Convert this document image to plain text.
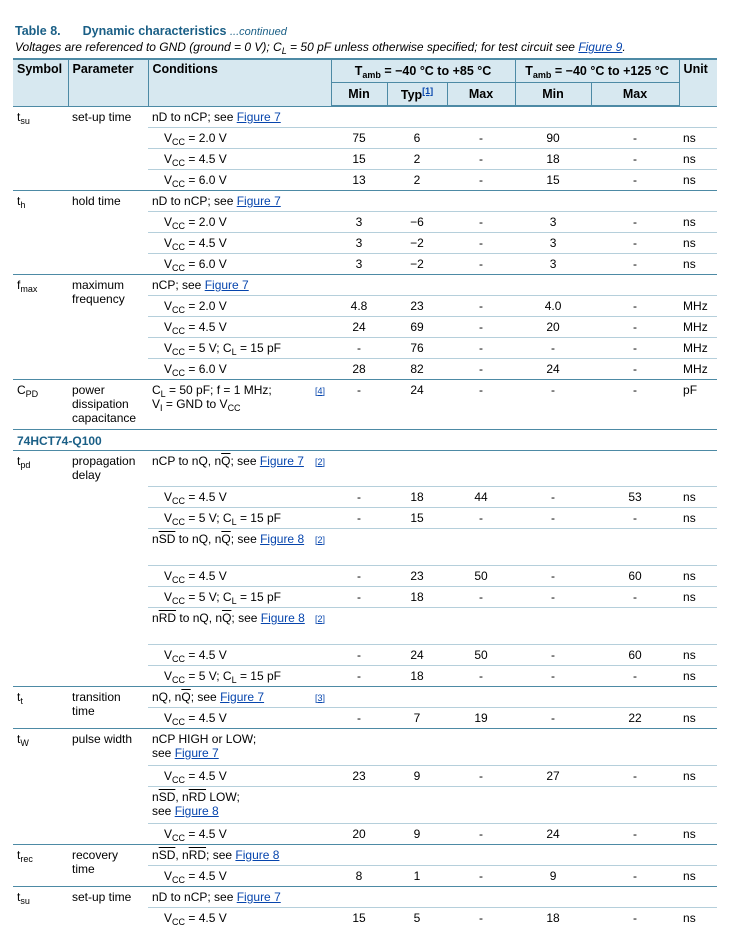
Table 8. Dynamic characteristics ...continued
Voltages are referenced to GND (ground = 0 V); $C_L = 50$ pF unless otherwise specified; for test circuit see Figure 9.
Symbol	Parameter	Conditions		$T_{amb} = -40$ °C to +85 °C			$T_{amb} = -40$ °C to +125 °C		Unit
				Min	Typ[1]	Max	Min	Max	
$t_{su}$	set-up time	nD to nCP; see Figure 7							
		$V_{CC} = 2.0$ V		75	6	-	90	-	ns
		$V_{CC} = 4.5$ V		15	2	-	18	-	ns
		$V_{CC} = 6.0$ V		13	2	-	15	-	ns
$t_h$	hold time	nD to nCP; see Figure 7							
		$V_{CC} = 2.0$ V		3	−6	-	3	-	ns
		$V_{CC} = 4.5$ V		3	−2	-	3	-	ns
		$V_{CC} = 6.0$ V		3	−2	-	3	-	ns
$f_{max}$	maximum frequency	nCP; see Figure 7							
		$V_{CC} = 2.0$ V		4.8	23	-	4.0	-	MHz
		$V_{CC} = 4.5$ V		24	69	-	20	-	MHz
		$V_{CC} = 5$ V; $C_L = 15$ pF		-	76	-	-	-	MHz
		$V_{CC} = 6.0$ V		28	82	-	24	-	MHz
$C_{PD}$	power dissipation capacitance	$C_L = 50$ pF; f = 1 MHz;
$V_I$ = GND to $V_{CC}$	[4]	-	24	-	-	-	pF
74HCT74-Q100									
$t_{pd}$	propagation delay	nCP to nQ, $n\overline{Q}$; see Figure 7	[2]						
		$V_{CC} = 4.5$ V		-	18	44	-	53	ns
		$V_{CC} = 5$ V; $C_L = 15$ pF		-	15	-	-	-	ns
		$n\overline{SD}$ to nQ, $n\overline{Q}$; see Figure 8	[2]						
		$V_{CC} = 4.5$ V		-	23	50	-	60	ns
		$V_{CC} = 5$ V; $C_L = 15$ pF		-	18	-	-	-	ns
		$n\overline{RD}$ to nQ, $n\overline{Q}$; see Figure 8	[2]						
		$V_{CC} = 4.5$ V		-	24	50	-	60	ns
		$V_{CC} = 5$ V; $C_L = 15$ pF		-	18	-	-	-	ns
$t_t$	transition time	nQ, $n\overline{Q}$; see Figure 7	[3]						
		$V_{CC} = 4.5$ V		-	7	19	-	22	ns
$t_W$	pulse width	nCP HIGH or LOW;
see Figure 7							
		$V_{CC} = 4.5$ V		23	9	-	27	-	ns
		$n\overline{SD}$, $n\overline{RD}$ LOW;
see Figure 8							
		$V_{CC} = 4.5$ V		20	9	-	24	-	ns
$t_{rec}$	recovery time	$n\overline{SD}$, $n\overline{RD}$; see Figure 8							
		$V_{CC} = 4.5$ V		8	1	-	9	-	ns
$t_{su}$	set-up time	nD to nCP; see Figure 7							
		$V_{CC} = 4.5$ V		15	5	-	18	-	ns
